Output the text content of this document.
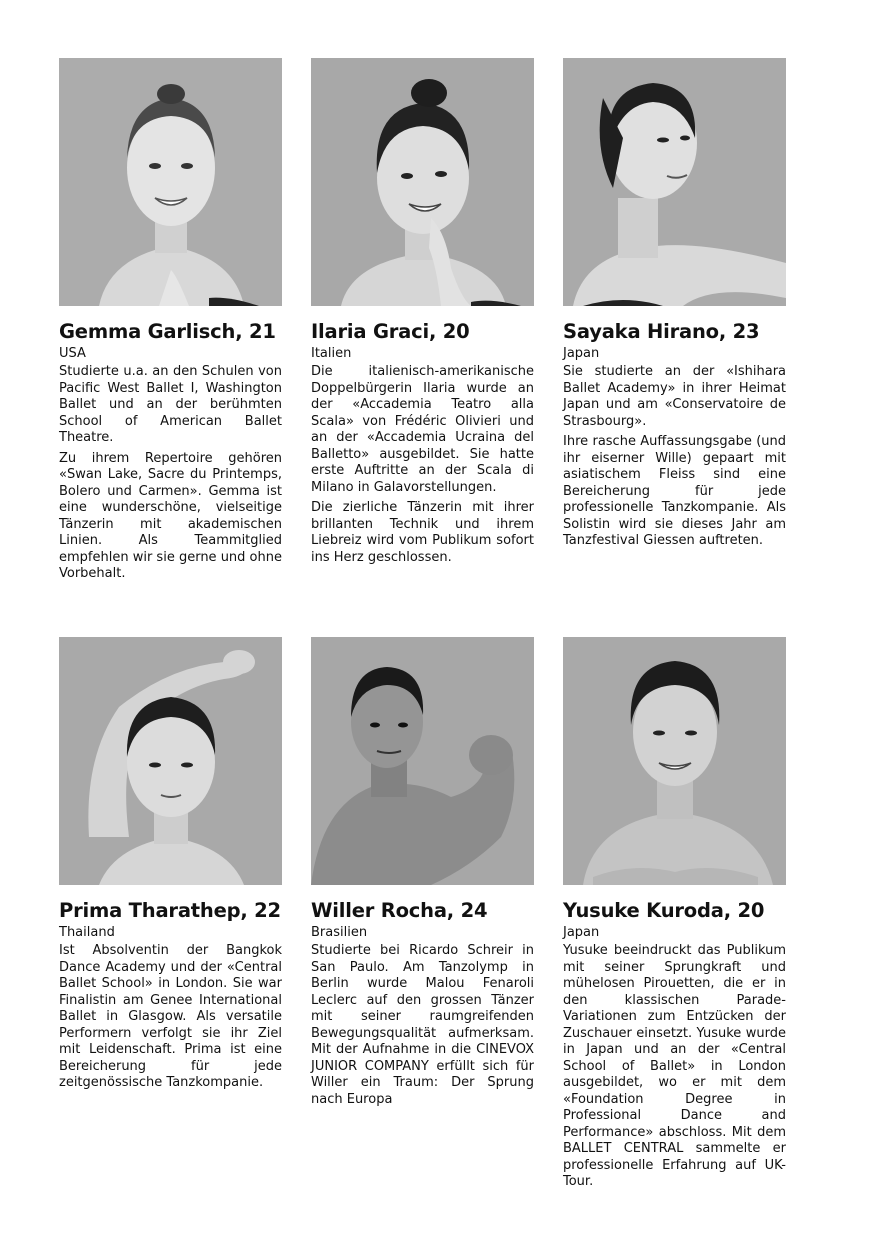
Gemma Garlisch, 21
USA

Studierte u.a. an den Schulen von Pacific West Ballet I, Washington Ballet und an der berühmten School of American Ballet Theatre.

Zu ihrem Repertoire gehören «Swan Lake, Sacre du Printemps, Bolero und Carmen». Gemma ist eine wunderschöne, vielseitige Tänzerin mit akademischen Linien. Als Teammitglied empfehlen wir sie gerne und ohne Vorbehalt.

Ilaria Graci, 20
Italien

Die italienisch-amerikanische Doppelbürgerin Ilaria wurde an der «Accademia Teatro alla Scala» von Frédéric Olivieri und an der «Accademia Ucraina del Balletto» ausgebildet. Sie hatte erste Auftritte an der Scala di Milano in Galavorstellungen.

Die zierliche Tänzerin mit ihrer brillanten Technik und ihrem Liebreiz wird vom Publikum sofort ins Herz geschlossen.

Sayaka Hirano, 23
Japan

Sie studierte an der «Ishihara Ballet Academy» in ihrer Heimat Japan und am «Conservatoire de Strasbourg».

Ihre rasche Auffassungsgabe (und ihr eiserner Wille) gepaart mit asiatischem Fleiss sind eine Bereicherung für jede professionelle Tanzkompanie. Als Solistin wird sie dieses Jahr am Tanzfestival Giessen auftreten.

Prima Tharathep, 22
Thailand

Ist Absolventin der Bangkok Dance Academy und der «Central Ballet School» in London. Sie war Finalistin am Genee International Ballet in Glasgow. Als versatile Performern verfolgt sie ihr Ziel mit Leidenschaft. Prima ist eine Bereicherung für jede zeitgenössische Tanzkompanie.

Willer Rocha, 24
Brasilien

Studierte bei Ricardo Schreir in San Paulo. Am Tanzolymp in Berlin wurde Malou Fenaroli Leclerc auf den grossen Tänzer mit seiner raumgreifenden Bewegungsqualität aufmerksam. Mit der Aufnahme in die CINEVOX JUNIOR COMPANY erfüllt sich für Willer ein Traum: Der Sprung nach Europa

Yusuke Kuroda, 20
Japan

Yusuke beeindruckt das Publikum mit seiner Sprungkraft und mühelosen Pirouetten, die er in den klassischen Parade-Variationen zum Entzücken der Zuschauer einsetzt. Yusuke wurde in Japan und an der «Central School of Ballet» in London ausgebildet, wo er mit dem «Foundation Degree in Professional Dance and Performance» abschloss. Mit dem BALLET CENTRAL sammelte er professionelle Erfahrung auf UK- Tour.
